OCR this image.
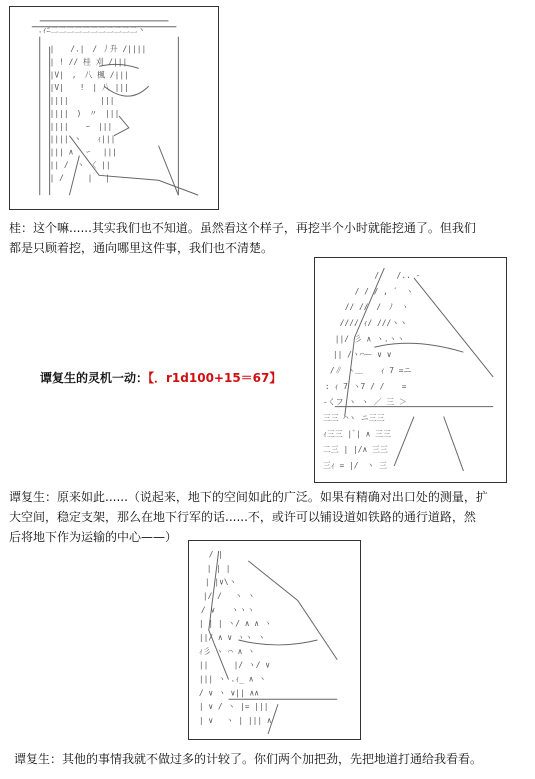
.ｨﾆ二二二二二二二二二二二ヽ
|　　/.|　/ 丿升 /||||
| ! // 桂 刈 /|||
|V|　,　八 楓 /|||
|V|　　!　| 八 |||
||||　　　　|||
||||　)　〃　|||
|||| 　 ｰ　|||
|||| ヽ　　ｨ|||
||| ∧ 　ｰ　 |||
|| /　ヽ　〈 ||
| /　　　|　 |
桂：这个嘛......其实我们也不知道。虽然看这个样子，再挖半个小时就能挖通了。但我们
都是只顾着挖，通向哪里这件事，我们也不清楚。
/ 　 /.. -
/ / / , ´　ヽ
// //　/　ﾉ　ヽ
//// ｨ/ ///ヽヽ
||/ 彡 ∧ ヽ.ヽヽ
|| /ヽ⌒ー ∨ ∨
/∥ ヽ＿ 　 ｨ 7 =ニ
: ｨ 7 ヽ7 / / 　 =
-くフ ヽ ヽ ／ 三 ＞
三三 ⌒ヽ ニ三三
ｨ三三 |ﾞ| ∧ 三三
二三 | |/∧ 三三
三ｨ = |/　ヽ 三
谭复生的灵机一动：【．r1d100+15＝67】
谭复生：原来如此......（说起来，地下的空间如此的广泛。如果有精确对出口处的测量，扩
大空间，稳定支架，那么在地下行军的话......不，或许可以铺设道如铁路的通行道路，然
后将地下作为运输的中心——）
/ |
| | |
| |∨\ヽ
|/ / 　ヽ ヽ
/ ∨　　ヽヽヽ
| | | ヽ/ ∧ ∧ ヽ
||/ ∧ ∨ ヽヽ ヽ
ｨ彡 ヽ ⌒ ∧ ヽ
||　 　 |/ ヽ/ ∨
||| ヽ .ｨ_ ∧ ヽ
/ ∨ ヽ ∨|| ∧∧
| ∨ / ヽ |= |||
| ∨ 　ヽ | ||| ∧
谭复生：其他的事情我就不做过多的计较了。你们两个加把劲，先把地道打通给我看看。
